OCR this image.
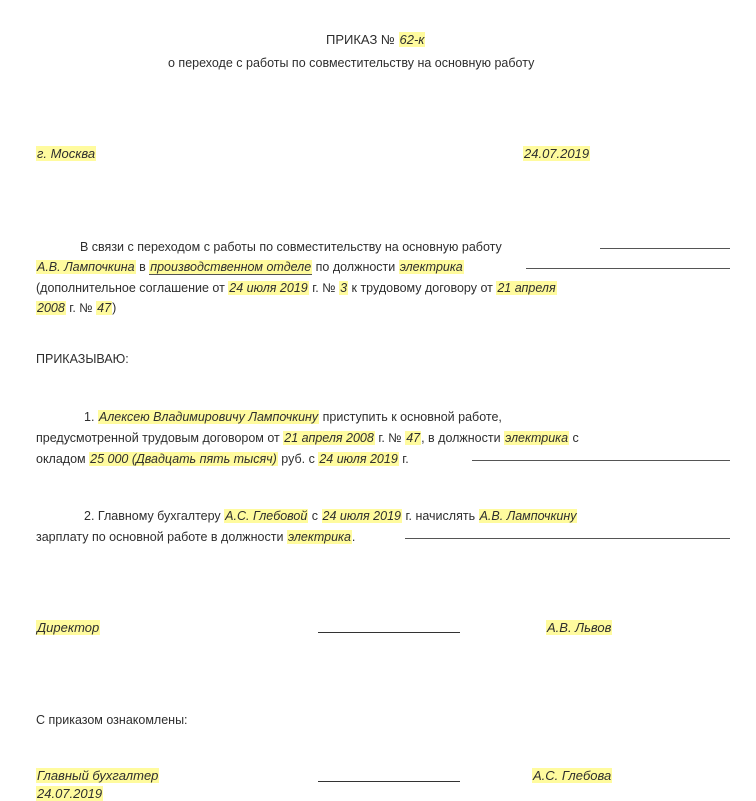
ПРИКАЗ № 62-к
о переходе с работы по совместительству на основную работу
г. Москва	24.07.2019
В связи с переходом с работы по совместительству на основную работу
А.В. Лампочкина в производственном отделе по должности электрика
(дополнительное соглашение от 24 июля 2019 г. № 3 к трудовому договору от 21 апреля
2008 г. № 47)
ПРИКАЗЫВАЮ:
1. Алексею Владимировичу Лампочкину приступить к основной работе,
предусмотренной трудовым договором от 21 апреля 2008 г. № 47, в должности электрика с
окладом 25 000 (Двадцать пять тысяч) руб. с 24 июля 2019 г.
2. Главному бухгалтеру А.С. Глебовой с 24 июля 2019 г. начислять А.В. Лампочкину
зарплату по основной работе в должности электрика.
Директор	А.В. Львов
С приказом ознакомлены:
Главный бухгалтер
24.07.2019
А.С. Глебова
